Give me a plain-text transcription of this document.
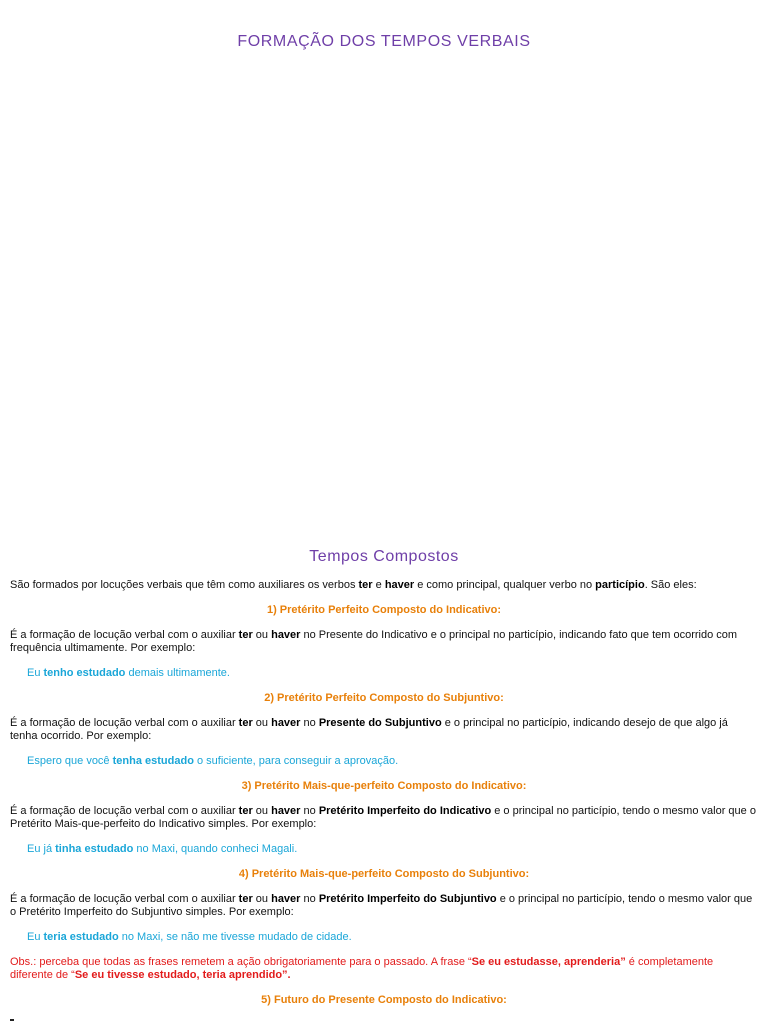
FORMAÇÃO DOS TEMPOS VERBAIS
Tempos Compostos

São formados por locuções verbais que têm como auxiliares os verbos ter e haver e como principal, qualquer verbo no particípio. São eles:

1) Pretérito Perfeito Composto do Indicativo:

É a formação de locução verbal com o auxiliar ter ou haver no Presente do Indicativo e o principal no particípio, indicando fato que tem ocorrido com frequência ultimamente. Por exemplo:

Eu tenho estudado demais ultimamente.

2) Pretérito Perfeito Composto do Subjuntivo:

É a formação de locução verbal com o auxiliar ter ou haver no Presente do Subjuntivo e o principal no particípio, indicando desejo de que algo já tenha ocorrido. Por exemplo:

Espero que você tenha estudado o suficiente, para conseguir a aprovação.

3) Pretérito Mais-que-perfeito Composto do Indicativo:

É a formação de locução verbal com o auxiliar ter ou haver no Pretérito Imperfeito do Indicativo e o principal no particípio, tendo o mesmo valor que o Pretérito Mais-que-perfeito do Indicativo simples. Por exemplo:

Eu já tinha estudado no Maxi, quando conheci Magali.

4) Pretérito Mais-que-perfeito Composto do Subjuntivo:

É a formação de locução verbal com o auxiliar ter ou haver no Pretérito Imperfeito do Subjuntivo e o principal no particípio, tendo o mesmo valor que o Pretérito Imperfeito do Subjuntivo simples. Por exemplo:

Eu teria estudado no Maxi, se não me tivesse mudado de cidade.

Obs.: perceba que todas as frases remetem a ação obrigatoriamente para o passado. A frase “Se eu estudasse, aprenderia” é completamente diferente de “Se eu tivesse estudado, teria aprendido”.

5) Futuro do Presente Composto do Indicativo:
